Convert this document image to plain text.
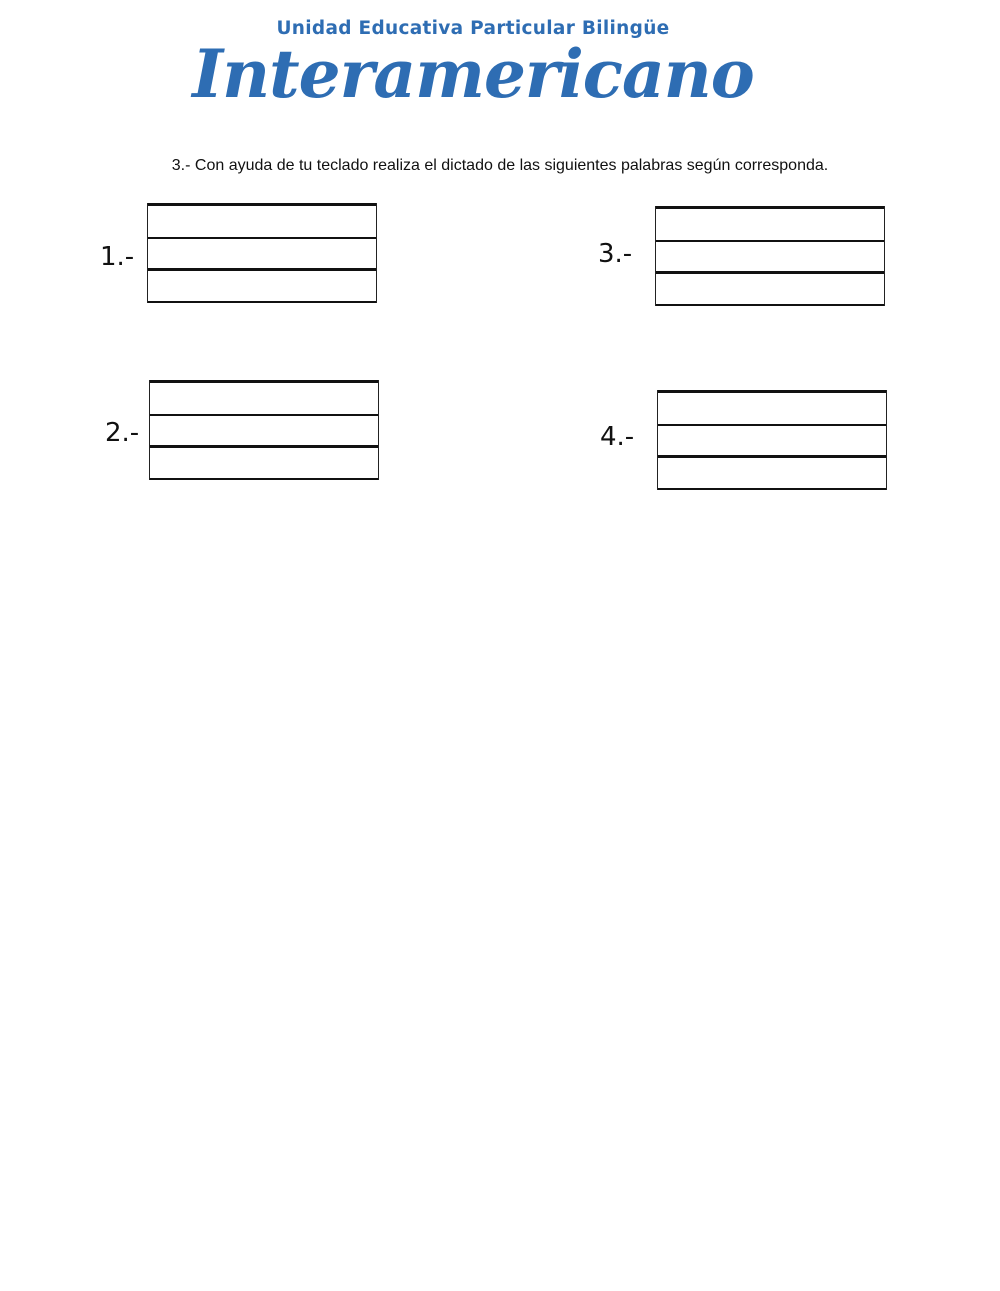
Unidad Educativa Particular Bilingüe
Interamericano
3.- Con ayuda de tu teclado realiza el dictado de las siguientes palabras según corresponda.
1.-
2.-
3.-
4.-
